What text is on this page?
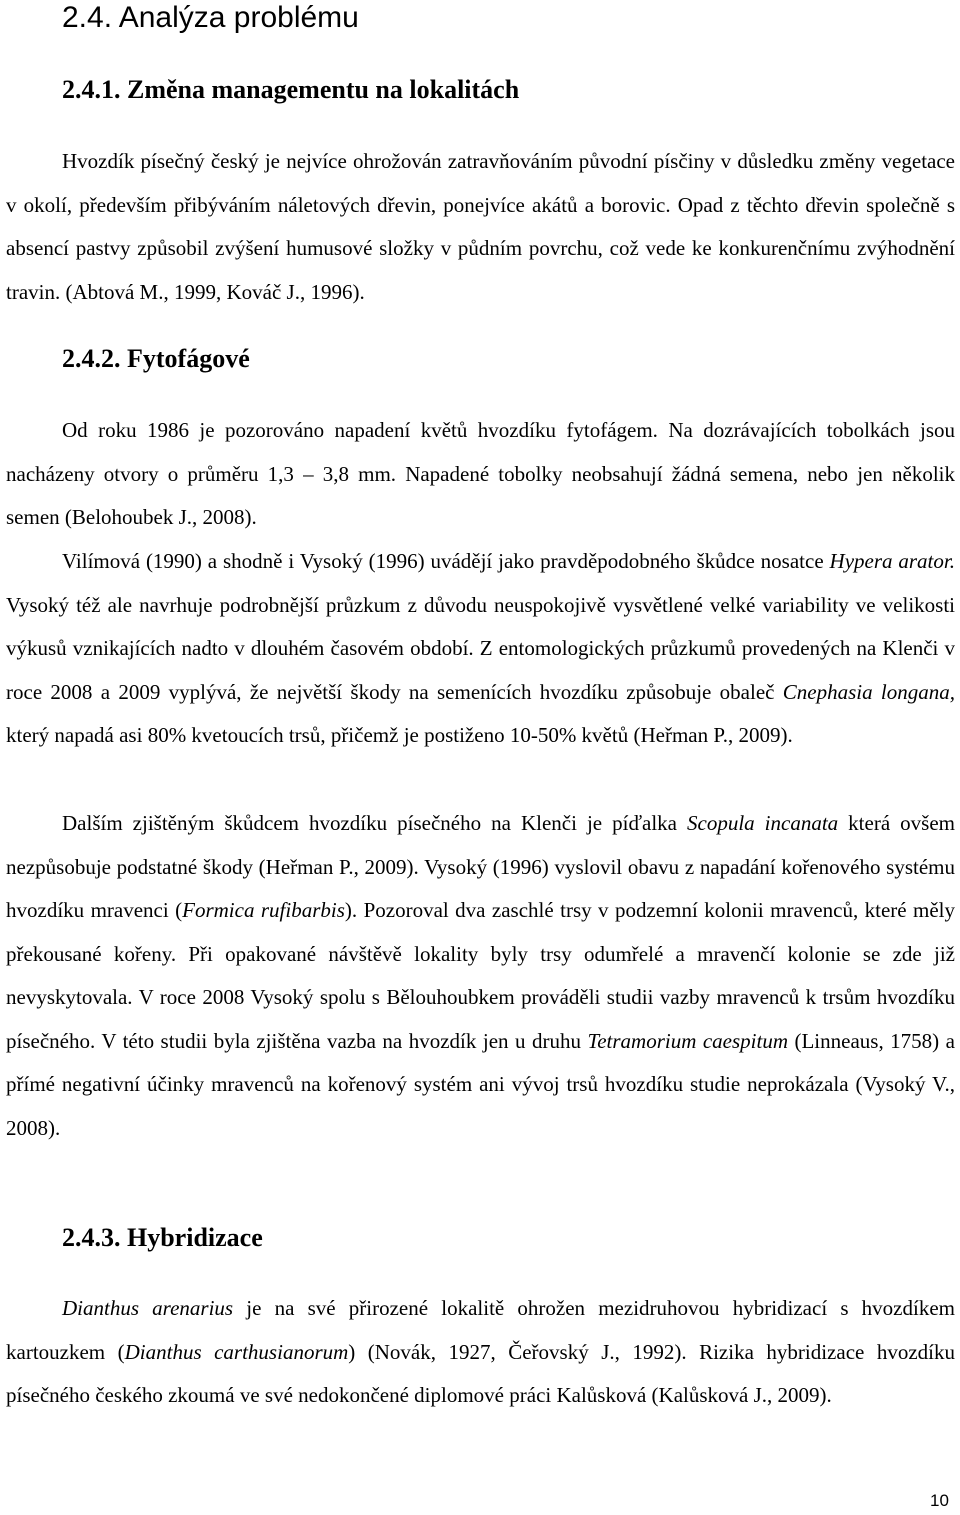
2.4. Analýza problému
2.4.1. Změna managementu na lokalitách

Hvozdík písečný český je nejvíce ohrožován zatravňováním původní písčiny v důsledku změny vegetace v okolí, především přibýváním náletových dřevin, ponejvíce akátů a borovic. Opad z těchto dřevin společně s absencí pastvy způsobil zvýšení humusové složky v půdním povrchu, což vede ke konkurenčnímu zvýhodnění travin. (Abtová M., 1999, Kováč J., 1996).

2.4.2. Fytofágové

Od roku 1986 je pozorováno napadení květů hvozdíku fytofágem. Na dozrávajících tobolkách jsou nacházeny otvory o průměru 1,3 – 3,8 mm. Napadené tobolky neobsahují žádná semena, nebo jen několik semen (Belohoubek J., 2008).

Vilímová (1990) a shodně i Vysoký (1996) uvádějí jako pravděpodobného škůdce nosatce Hypera arator. Vysoký též ale navrhuje podrobnější průzkum z důvodu neuspokojivě vysvětlené velké variability ve velikosti výkusů vznikajících nadto v dlouhém časovém období. Z entomologických průzkumů provedených na Klenči v roce 2008 a 2009 vyplývá, že největší škody na semenících hvozdíku způsobuje obaleč Cnephasia longana, který napadá asi 80% kvetoucích trsů, přičemž je postiženo 10-50% květů (Heřman P., 2009).

Dalším zjištěným škůdcem hvozdíku písečného na Klenči je píďalka Scopula incanata která ovšem nezpůsobuje podstatné škody (Heřman P., 2009). Vysoký (1996) vyslovil obavu z napadání kořenového systému hvozdíku mravenci (Formica rufibarbis). Pozoroval dva zaschlé trsy v podzemní kolonii mravenců, které měly překousané kořeny. Při opakované návštěvě lokality byly trsy odumřelé a mravenčí kolonie se zde již nevyskytovala. V roce 2008 Vysoký spolu s Bělouhoubkem prováděli studii vazby mravenců k trsům hvozdíku písečného. V této studii byla zjištěna vazba na hvozdík jen u druhu Tetramorium caespitum (Linneaus, 1758) a přímé negativní účinky mravenců na kořenový systém ani vývoj trsů hvozdíku studie neprokázala (Vysoký V., 2008).

2.4.3. Hybridizace

Dianthus arenarius je na své přirozené lokalitě ohrožen mezidruhovou hybridizací s hvozdíkem kartouzkem (Dianthus carthusianorum) (Novák, 1927, Čeřovský J., 1992). Rizika hybridizace hvozdíku písečného českého zkoumá ve své nedokončené diplomové práci Kalůsková (Kalůsková J., 2009).

10
